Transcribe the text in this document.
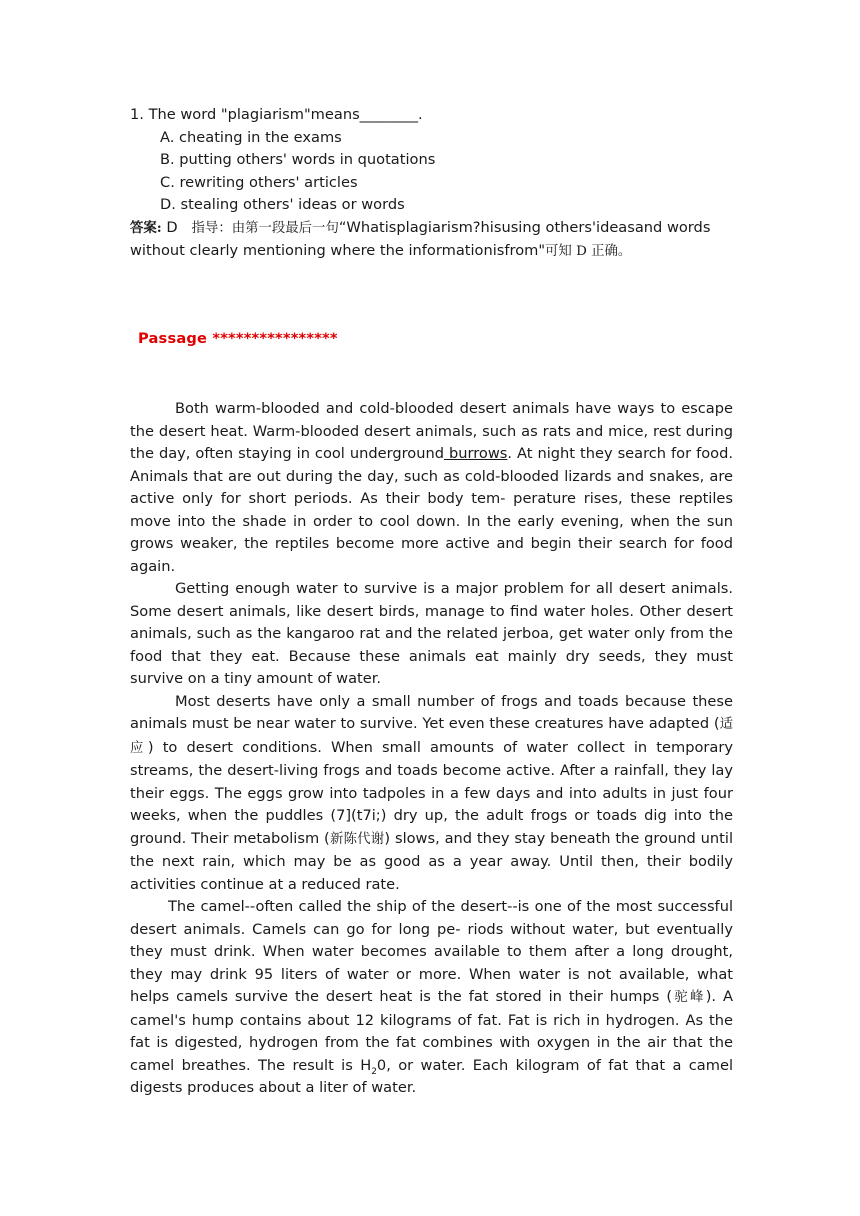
1. The word "plagiarism"means________.

A. cheating in the exams

B. putting others' words in quotations

C. rewriting others' articles

D. stealing others' ideas or words

答案: D 指导：由第一段最后一句“Whatisplagiarism?hisusing others'ideasand words without clearly mentioning where the informationisfrom"可知 D 正确。

Passage ****************

Both warm-blooded and cold-blooded desert animals have ways to escape the desert heat. Warm-blooded desert animals, such as rats and mice, rest during the day, often staying in cool underground burrows. At night they search for food. Animals that are out during the day, such as cold-blooded lizards and snakes, are active only for short periods. As their body tem- perature rises, these reptiles move into the shade in order to cool down. In the early evening, when the sun grows weaker, the reptiles become more active and begin their search for food again.

Getting enough water to survive is a major problem for all desert animals. Some desert animals, like desert birds, manage to find water holes. Other desert animals, such as the kangaroo rat and the related jerboa, get water only from the food that they eat. Because these animals eat mainly dry seeds, they must survive on a tiny amount of water.

Most deserts have only a small number of frogs and toads because these animals must be near water to survive. Yet even these creatures have adapted (适应) to desert conditions. When small amounts of water collect in temporary streams, the desert-living frogs and toads become active. After a rainfall, they lay their eggs. The eggs grow into tadpoles in a few days and into adults in just four weeks, when the puddles (7](t7i;) dry up, the adult frogs or toads dig into the ground. Their metabolism (新陈代谢) slows, and they stay beneath the ground until the next rain, which may be as good as a year away. Until then, their bodily activities continue at a reduced rate.

The camel--often called the ship of the desert--is one of the most successful desert animals. Camels can go for long pe- riods without water, but eventually they must drink. When water becomes available to them after a long drought, they may drink 95 liters of water or more. When water is not available, what helps camels survive the desert heat is the fat stored in their humps (驼峰). A camel's hump contains about 12 kilograms of fat. Fat is rich in hydrogen. As the fat is digested, hydrogen from the fat combines with oxygen in the air that the camel breathes. The result is $H_20$, or water. Each kilogram of fat that a camel digests produces about a liter of water.
